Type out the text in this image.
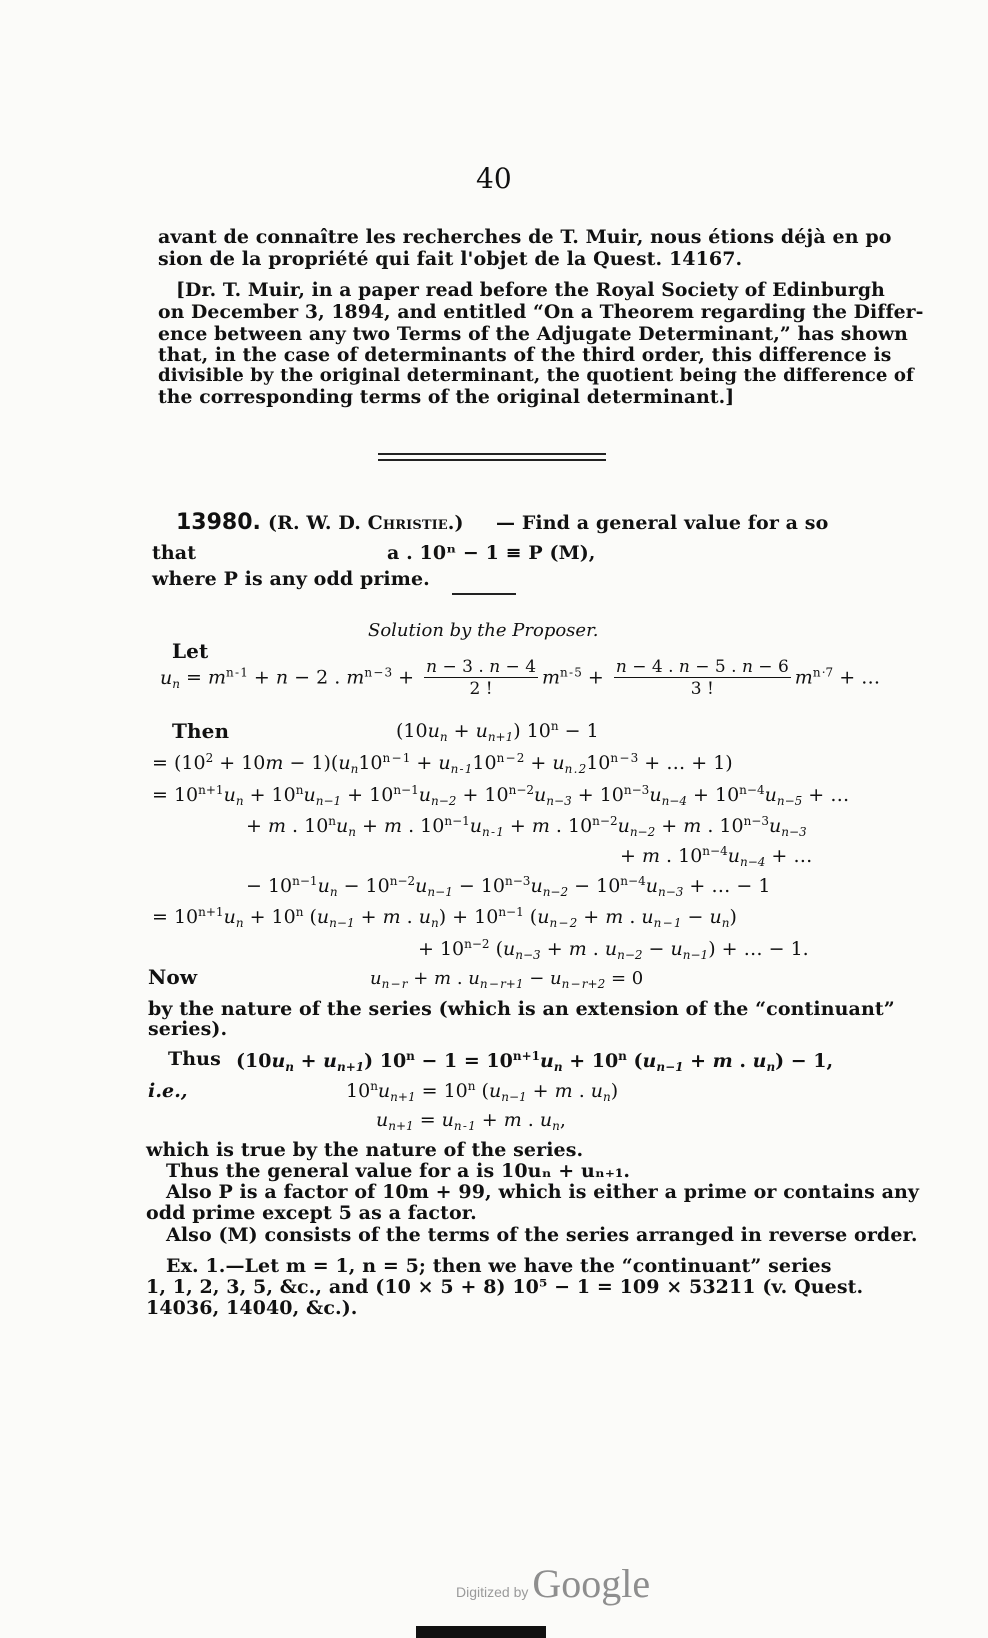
40
avant de connaître les recherches de T. Muir, nous étions déjà en po
sion de la propriété qui fait l'objet de la Quest. 14167.
[Dr. T. Muir, in a paper read before the Royal Society of Edinburgh
on December 3, 1894, and entitled “On a Theorem regarding the Differ-
ence between any two Terms of the Adjugate Determinant,” has shown
that, in the case of determinants of the third order, this difference is
divisible by the original determinant, the quotient being the difference of
the corresponding terms of the original determinant.]
13980. (R. W. D. Christie.) — Find a general value for a so
that	a . 10ⁿ − 1 ≡ P (M),
where P is any odd prime.
Solution by the Proposer.
Let
$u_n = m^{n - 1} + n - 2$ . $m^{n - 3} + \frac{n - 3 . n - 4}{2 !} m^{n - 5} + \frac{n - 4 . n - 5 . n - 6}{3 !} m^{n \cdot 7}$ + …
Then	$(10u_n + u_{n+1}) 10^n - 1$
= $(10^2 + 10m - 1)(u_n10^{n - 1} + u_{n - 1}10^{n - 2} + u_{n . 2}10^{n - 3}$ + … + 1)
= $10^{n+1}u_n + 10^nu_{n-1} + 10^{n-1}u_{n-2} + 10^{n-2}u_{n-3} + 10^{n-3}u_{n-4} + 10^{n-4}u_{n-5}$ + …
+ m . $10^nu_n + m$ . $10^{n-1}u_{n - 1} + m$ . $10^{n-2}u_{n-2} + m$ . $10^{n-3}u_{n-3}$
+ m . $10^{n-4}u_{n-4}$ + …
− $10^{n-1}u_n - 10^{n-2}u_{n-1} - 10^{n-3}u_{n-2} - 10^{n-4}u_{n-3}$ + … − 1
= $10^{n+1}u_n + 10^n$ ($u_{n-1} + m$ . $u_n) + 10^{n-1}$ ($u_{n - 2} + m$ . $u_{n - 1} - u_n$)
+ $10^{n-2}$ ($u_{n-3} + m$ . $u_{n-2} - u_{n-1}$) + … − 1.
Now	$u_{n - r} + m$ . $u_{n - r+1} - u_{n - r+2} = 0$
by the nature of the series (which is an extension of the “continuant”
series).
Thus $(10u_n + u_{n+1}) 10^n - 1 = 10^{n+1}u_n + 10^n$ ($u_{n-1} + m$ . $u_n) - 1$,
i.e.,	$10^nu_{n+1} = 10^n$ ($u_{n-1} + m$ . $u_n$)
$u_{n+1} = u_{n - 1} + m$ . $u_n$,
which is true by the nature of the series.
Thus the general value for a is 10uₙ + uₙ₊₁.
Also P is a factor of 10m + 99, which is either a prime or contains any
odd prime except 5 as a factor.
Also (M) consists of the terms of the series arranged in reverse order.
Ex. 1.—Let m = 1, n = 5; then we have the “continuant” series
1, 1, 2, 3, 5, &c., and (10 × 5 + 8) 10⁵ − 1 = 109 × 53211 (v. Quest.
14036, 14040, &c.).
Digitized by Google
